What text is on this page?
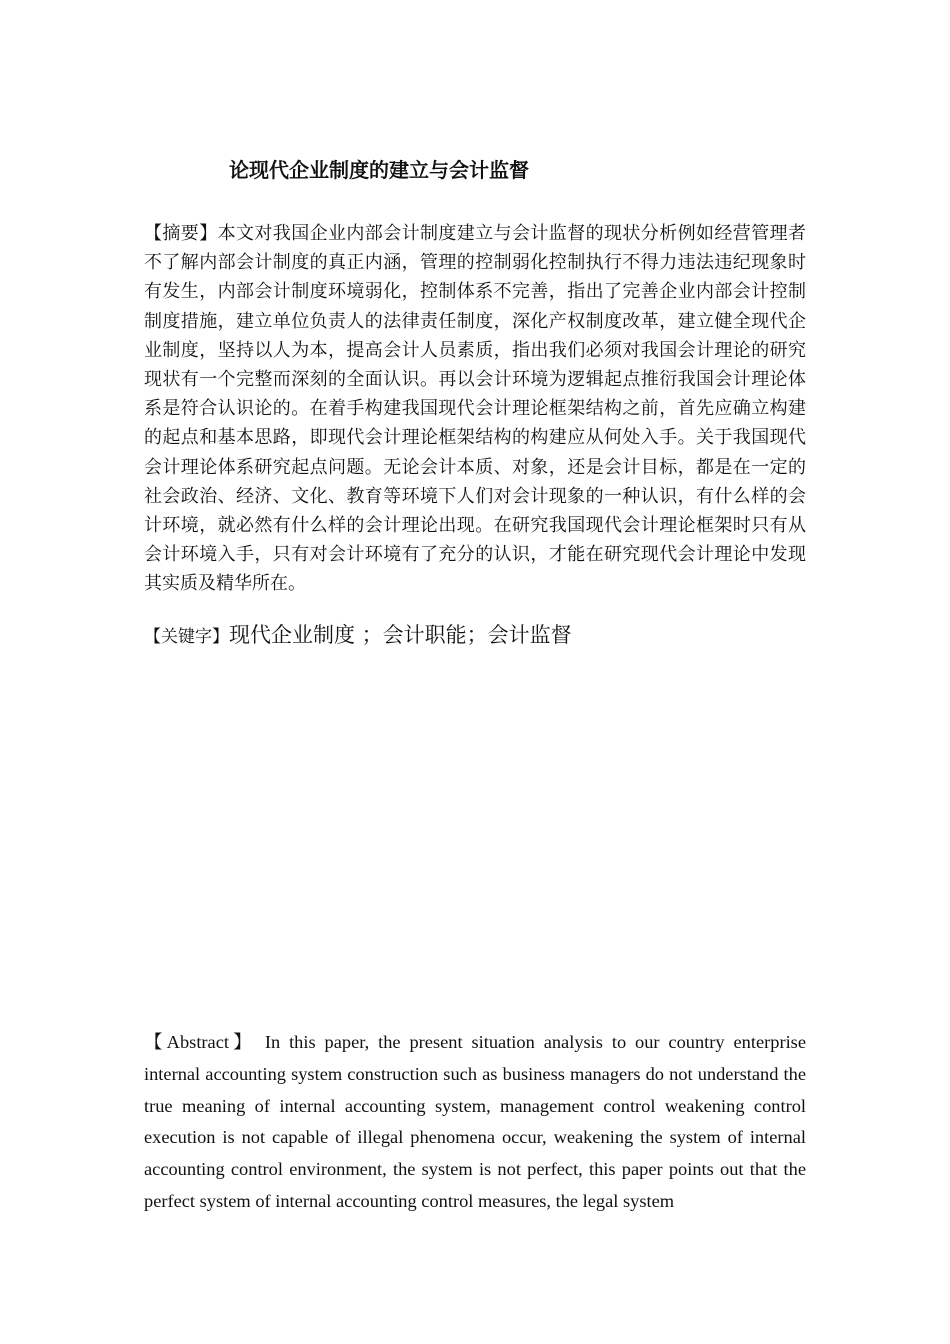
论现代企业制度的建立与会计监督

【摘要】本文对我国企业内部会计制度建立与会计监督的现状分析例如经营管理者不了解内部会计制度的真正内涵，管理的控制弱化控制执行不得力违法违纪现象时有发生，内部会计制度环境弱化，控制体系不完善，指出了完善企业内部会计控制制度措施，建立单位负责人的法律责任制度，深化产权制度改革，建立健全现代企业制度，坚持以人为本，提高会计人员素质，指出我们必须对我国会计理论的研究现状有一个完整而深刻的全面认识。再以会计环境为逻辑起点推衍我国会计理论体系是符合认识论的。在着手构建我国现代会计理论框架结构之前，首先应确立构建的起点和基本思路，即现代会计理论框架结构的构建应从何处入手。关于我国现代会计理论体系研究起点问题。无论会计本质、对象，还是会计目标，都是在一定的社会政治、经济、文化、教育等环境下人们对会计现象的一种认识，有什么样的会计环境，就必然有什么样的会计理论出现。在研究我国现代会计理论框架时只有从会计环境入手，只有对会计环境有了充分的认识，才能在研究现代会计理论中发现其实质及精华所在。

【关键字】现代企业制度 ；会计职能；会计监督

【Abstract】 In this paper, the present situation analysis to our country enterprise internal accounting system construction such as business managers do not understand the true meaning of internal accounting system, management control weakening control execution is not capable of illegal phenomena occur, weakening the system of internal accounting control environment, the system is not perfect, this paper points out that the perfect system of internal accounting control measures, the legal system
